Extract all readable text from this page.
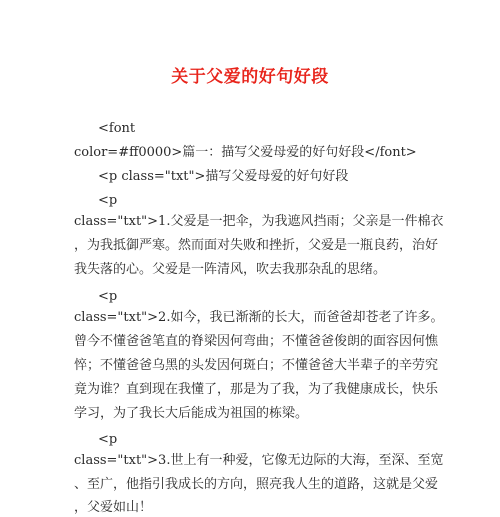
关于父爱的好句好段
<font
color=#ff0000>篇一：描写父爱母爱的好句好段</font>
<p class="txt">描写父爱母爱的好句好段
<p
class="txt">1.父爱是一把伞，为我遮风挡雨；父亲是一件棉衣
，为我抵御严寒。然而面对失败和挫折，父爱是一瓶良药，治好
我失落的心。父爱是一阵清风，吹去我那杂乱的思绪。
<p
class="txt">2.如今，我已渐渐的长大，而爸爸却苍老了许多。
曾今不懂爸爸笔直的脊梁因何弯曲；不懂爸爸俊朗的面容因何憔
悴；不懂爸爸乌黑的头发因何斑白；不懂爸爸大半辈子的辛劳究
竟为谁？直到现在我懂了，那是为了我，为了我健康成长，快乐
学习，为了我长大后能成为祖国的栋梁。
<p
class="txt">3.世上有一种爱，它像无边际的大海，至深、至宽
、至广，他指引我成长的方向，照亮我人生的道路，这就是父爱
，父爱如山！
